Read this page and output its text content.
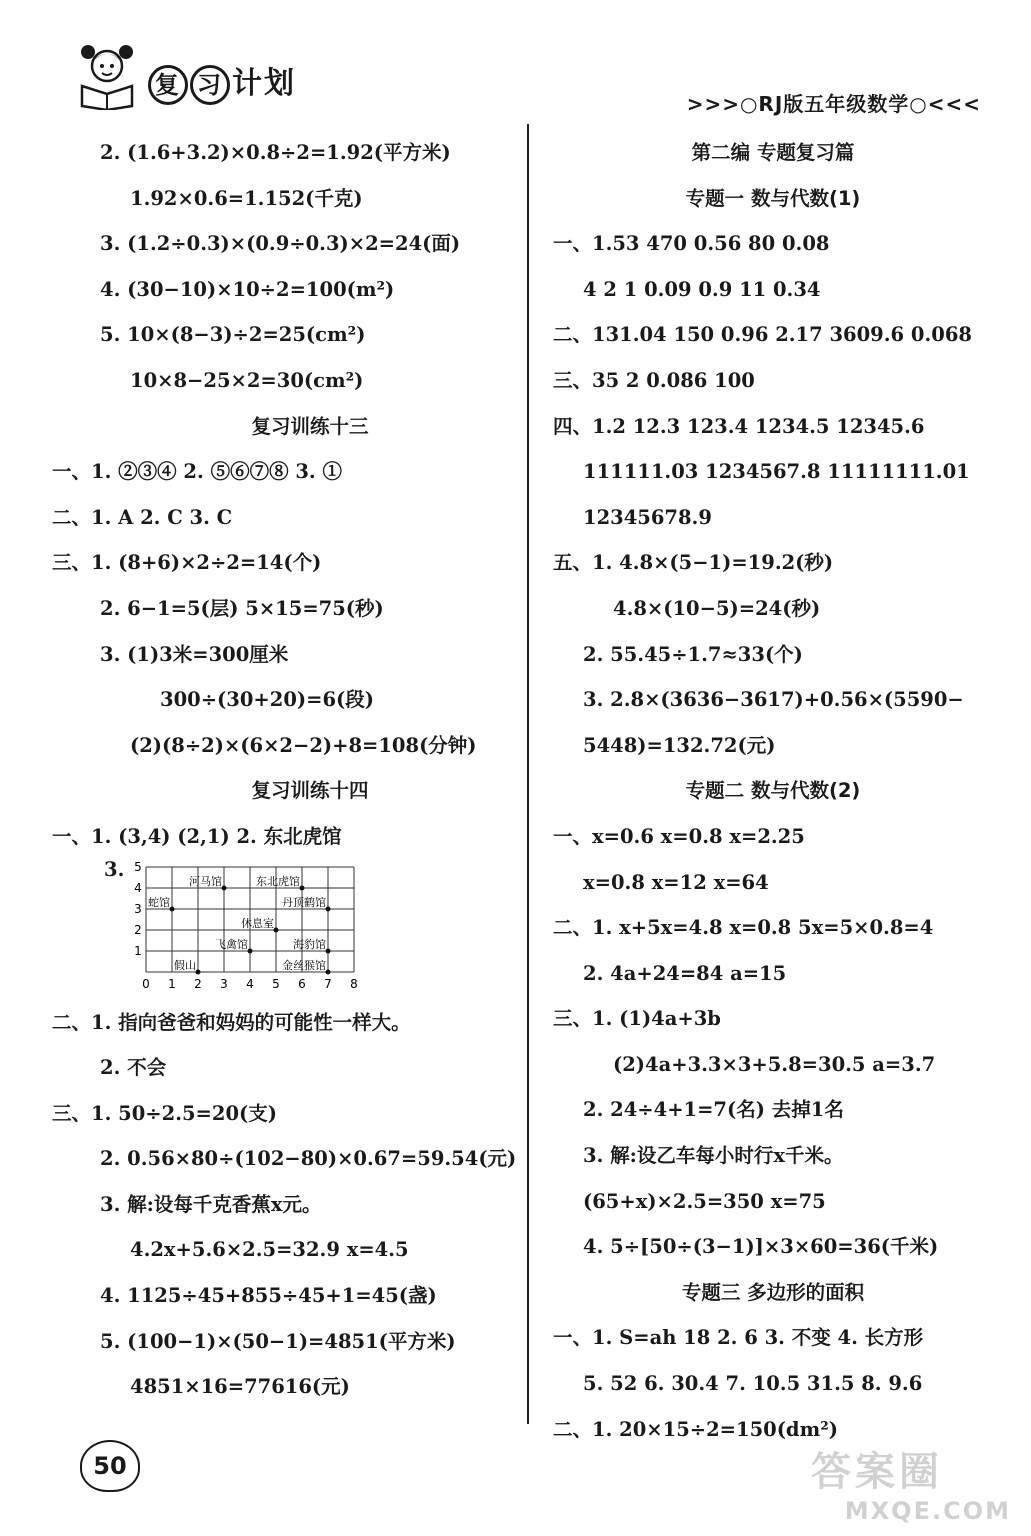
复 习 计划
>>>○RJ版五年级数学○<<<
2. (1.6+3.2)×0.8÷2=1.92(平方米)
1.92×0.6=1.152(千克)
3. (1.2÷0.3)×(0.9÷0.3)×2=24(面)
4. (30−10)×10÷2=100(m²)
5. 10×(8−3)÷2=25(cm²)
10×8−25×2=30(cm²)
复习训练十三
一、1. ②③④ 2. ⑤⑥⑦⑧ 3. ①
二、1. A 2. C 3. C
三、1. (8+6)×2÷2=14(个)
2. 6−1=5(层) 5×15=75(秒)
3. (1)3米=300厘米
300÷(30+20)=6(段)
(2)(8÷2)×(6×2−2)+8=108(分钟)
复习训练十四
一、1. (3,4) (2,1) 2. 东北虎馆
3.
0 1 2 3 4 5 6 7 8
1
2
3
4
5
河马馆	东北虎馆
蛇馆	丹顶鹤馆
休息室
飞禽馆	海豹馆
假山	金丝猴馆
二、1. 指向爸爸和妈妈的可能性一样大。
2. 不会
三、1. 50÷2.5=20(支)
2. 0.56×80÷(102−80)×0.67=59.54(元)
3. 解:设每千克香蕉x元。
4.2x+5.6×2.5=32.9 x=4.5
4. 1125÷45+855÷45+1=45(盏)
5. (100−1)×(50−1)=4851(平方米)
4851×16=77616(元)
第二编 专题复习篇
专题一 数与代数(1)
一、1.53 470 0.56 80 0.08
4 2 1 0.09 0.9 11 0.34
二、131.04 150 0.96 2.17 3609.6 0.068
三、35 2 0.086 100
四、1.2 12.3 123.4 1234.5 12345.6
111111.03 1234567.8 11111111.01
12345678.9
五、1. 4.8×(5−1)=19.2(秒)
4.8×(10−5)=24(秒)
2. 55.45÷1.7≈33(个)
3. 2.8×(3636−3617)+0.56×(5590−
5448)=132.72(元)
专题二 数与代数(2)
一、x=0.6 x=0.8 x=2.25
x=0.8 x=12 x=64
二、1. x+5x=4.8 x=0.8 5x=5×0.8=4
2. 4a+24=84 a=15
三、1. (1)4a+3b
(2)4a+3.3×3+5.8=30.5 a=3.7
2. 24÷4+1=7(名) 去掉1名
3. 解:设乙车每小时行x千米。
(65+x)×2.5=350 x=75
4. 5÷[50÷(3−1)]×3×60=36(千米)
专题三 多边形的面积
一、1. S=ah 18 2. 6 3. 不变 4. 长方形
5. 52 6. 30.4 7. 10.5 31.5 8. 9.6
二、1. 20×15÷2=150(dm²)
50	答案圈
MXQE.COM
